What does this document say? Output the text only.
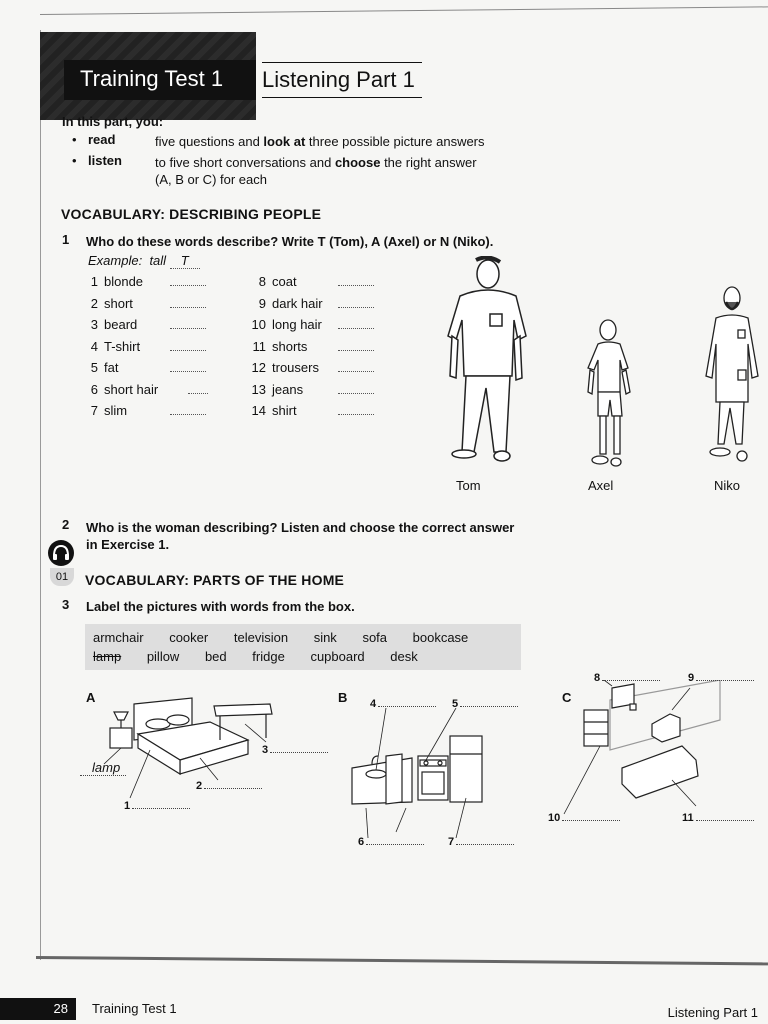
Training Test 1 Listening Part 1
In this part, you:
• read	five questions and look at three possible picture answers
• listen	to five short conversations and choose the right answer
(A, B or C) for each
VOCABULARY: DESCRIBING PEOPLE
1 Who do these words describe? Write T (Tom), A (Axel) or N (Niko).
Example: tall T
1 blonde
2 short
3 beard
4 T-shirt
5 fat
6 short hair
7 slim
8 coat
9 dark hair
10 long hair
11 shorts
12 trousers
13 jeans
14 shirt
Tom	Axel	Niko
2 Who is the woman describing? Listen and choose the correct answer in Exercise 1.
01	VOCABULARY: PARTS OF THE HOME
3 Label the pictures with words from the box.
armchair cooker television sink sofa bookcase
lamp pillow bed fridge cupboard desk
A
lamp
1
2
3
B 4	5
6	7
C
8	9
10	11
28 Training Test 1	Listening Part 1
